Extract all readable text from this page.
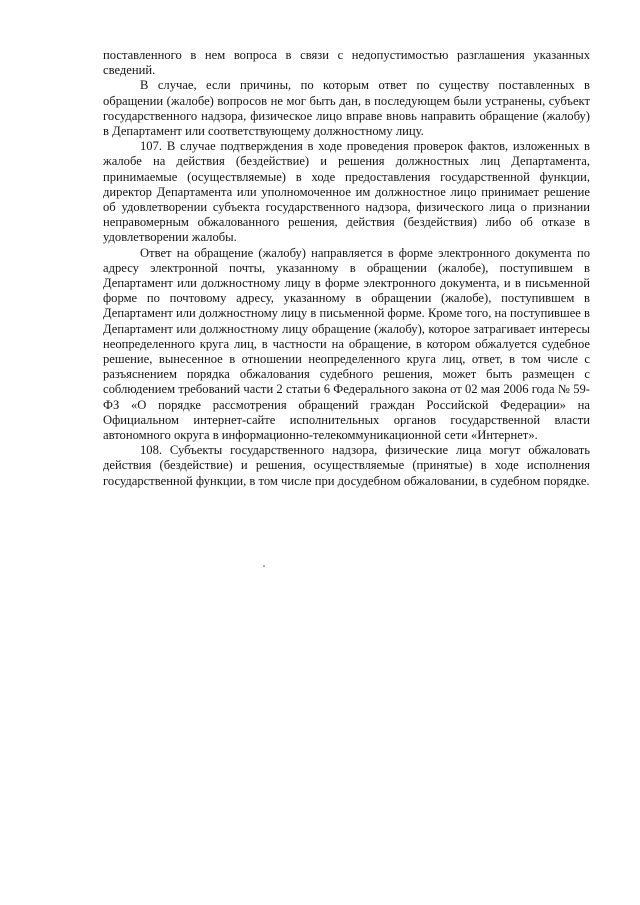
поставленного в нем вопроса в связи с недопустимостью разглашения указанных сведений.

В случае, если причины, по которым ответ по существу поставленных в обращении (жалобе) вопросов не мог быть дан, в последующем были устранены, субъект государственного надзора, физическое лицо вправе вновь направить обращение (жалобу) в Департамент или соответствующему должностному лицу.

107. В случае подтверждения в ходе проведения проверок фактов, изложенных в жалобе на действия (бездействие) и решения должностных лиц Департамента, принимаемые (осуществляемые) в ходе предоставления государственной функции, директор Департамента или уполномоченное им должностное лицо принимает решение об удовлетворении субъекта государственного надзора, физического лица о признании неправомерным обжалованного решения, действия (бездействия) либо об отказе в удовлетворении жалобы.

Ответ на обращение (жалобу) направляется в форме электронного документа по адресу электронной почты, указанному в обращении (жалобе), поступившем в Департамент или должностному лицу в форме электронного документа, и в письменной форме по почтовому адресу, указанному в обращении (жалобе), поступившем в Департамент или должностному лицу в письменной форме. Кроме того, на поступившее в Департамент или должностному лицу обращение (жалобу), которое затрагивает интересы неопределенного круга лиц, в частности на обращение, в котором обжалуется судебное решение, вынесенное в отношении неопределенного круга лиц, ответ, в том числе с разъяснением порядка обжалования судебного решения, может быть размещен с соблюдением требований части 2 статьи 6 Федерального закона от 02 мая 2006 года № 59-ФЗ «О порядке рассмотрения обращений граждан Российской Федерации» на Официальном интернет-сайте исполнительных органов государственной власти автономного округа в информационно-телекоммуникационной сети «Интернет».

108. Субъекты государственного надзора, физические лица могут обжаловать действия (бездействие) и решения, осуществляемые (принятые) в ходе исполнения государственной функции, в том числе при досудебном обжаловании, в судебном порядке.
